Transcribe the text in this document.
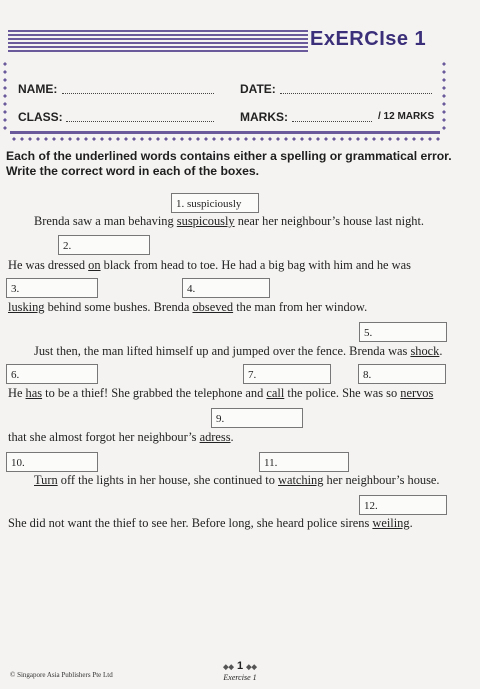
ExERCIse 1
NAME:	DATE:
CLASS:	MARKS:	/ 12 MARKS
Each of the underlined words contains either a spelling or grammatical error. Write the correct word in each of the boxes.
1. suspiciously
2.
3.	4.
5.
6.	7.	8.
9.
10.	11.
12.
Brenda saw a man behaving suspicously near her neighbour’s house last night.
He was dressed on black from head to toe. He had a big bag with him and he was
lusking behind some bushes. Brenda obseved the man from her window.
Just then, the man lifted himself up and jumped over the fence. Brenda was shock.
He has to be a thief! She grabbed the telephone and call the police. She was so nervos
that she almost forgot her neighbour’s adress.
Turn off the lights in her house, she continued to watching her neighbour’s house.
She did not want the thief to see her. Before long, she heard police sirens weiling.
© Singapore Asia Publishers Pte Ltd
◆◆ 1 ◆◆
Exercise 1
